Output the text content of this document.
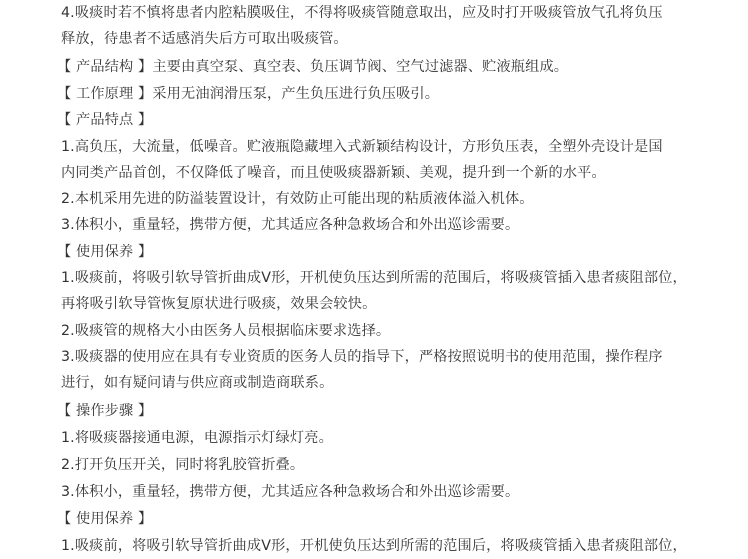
4.吸痰时若不慎将患者内腔粘膜吸住，不得将吸痰管随意取出，应及时打开吸痰管放气孔将负压
释放，待患者不适感消失后方可取出吸痰管。
【 产品结构 】主要由真空泵、真空表、负压调节阀、空气过滤器、贮液瓶组成。
【 工作原理 】采用无油润滑压泵，产生负压进行负压吸引。
【 产品特点 】
1.高负压，大流量，低噪音。贮液瓶隐藏埋入式新颖结构设计，方形负压表，全塑外壳设计是国
内同类产品首创，不仅降低了噪音，而且使吸痰器新颖、美观，提升到一个新的水平。
2.本机采用先进的防溢装置设计，有效防止可能出现的粘质液体溢入机体。
3.体积小，重量轻，携带方便，尤其适应各种急救场合和外出巡诊需要。
【 使用保养 】
1.吸痰前，将吸引软导管折曲成V形，开机使负压达到所需的范围后，将吸痰管插入患者痰阻部位，
再将吸引软导管恢复原状进行吸痰，效果会较快。
2.吸痰管的规格大小由医务人员根据临床要求选择。
3.吸痰器的使用应在具有专业资质的医务人员的指导下，严格按照说明书的使用范围，操作程序
进行，如有疑问请与供应商或制造商联系。
【 操作步骤 】
1.将吸痰器接通电源，电源指示灯绿灯亮。
2.打开负压开关，同时将乳胶管折叠。
3.体积小，重量轻，携带方便，尤其适应各种急救场合和外出巡诊需要。
【 使用保养 】
1.吸痰前，将吸引软导管折曲成V形，开机使负压达到所需的范围后，将吸痰管插入患者痰阻部位，
